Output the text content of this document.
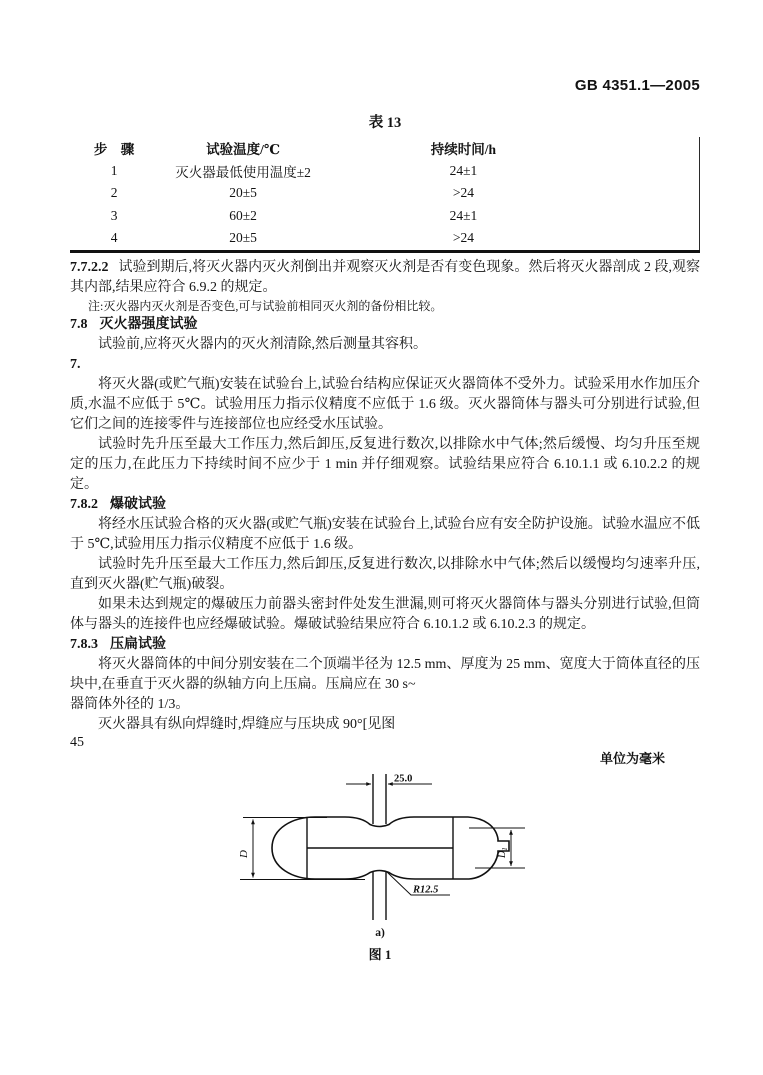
GB 4351.1—2005
表 13
步　骤	试验温度/℃	持续时间/h	
1	灭火器最低使用温度±2	24±1	
2	20±5	>24	
3	60±2	24±1	
4	20±5	>24	

7.7.2.2 试验到期后,将灭火器内灭火剂倒出并观察灭火剂是否有变色现象。然后将灭火器剖成 2 段,观察其内部,结果应符合 6.9.2 的规定。

注:灭火器内灭火剂是否变色,可与试验前相同灭火剂的备份相比较。

7.8 灭火器强度试验

试验前,应将灭火器内的灭火剂清除,然后测量其容积。

7.

将灭火器(或贮气瓶)安装在试验台上,试验台结构应保证灭火器筒体不受外力。试验采用水作加压介质,水温不应低于 5℃。试验用压力指示仪精度不应低于 1.6 级。灭火器筒体与器头可分别进行试验,但它们之间的连接零件与连接部位也应经受水压试验。

试验时先升压至最大工作压力,然后卸压,反复进行数次,以排除水中气体;然后缓慢、均匀升压至规定的压力,在此压力下持续时间不应少于 1 min 并仔细观察。试验结果应符合 6.10.1.1 或 6.10.2.2 的规定。

7.8.2 爆破试验

将经水压试验合格的灭火器(或贮气瓶)安装在试验台上,试验台应有安全防护设施。试验水温应不低于 5℃,试验用压力指示仪精度不应低于 1.6 级。

试验时先升压至最大工作压力,然后卸压,反复进行数次,以排除水中气体;然后以缓慢均匀速率升压,直到灭火器(贮气瓶)破裂。

如果未达到规定的爆破压力前器头密封件处发生泄漏,则可将灭火器筒体与器头分别进行试验,但筒体与器头的连接件也应经爆破试验。爆破试验结果应符合 6.10.1.2 或 6.10.2.3 的规定。

7.8.3 压扁试验

将灭火器筒体的中间分别安装在二个顶端半径为 12.5 mm、厚度为 25 mm、宽度大于筒体直径的压块中,在垂直于灭火器的纵轴方向上压扁。压扁应在 30 s~

器筒体外径的 1/3。

灭火器具有纵向焊缝时,焊缝应与压块成 90°[见图

45

单位为毫米

25.0
D	$D_1$
R12.5
a)
图 1
